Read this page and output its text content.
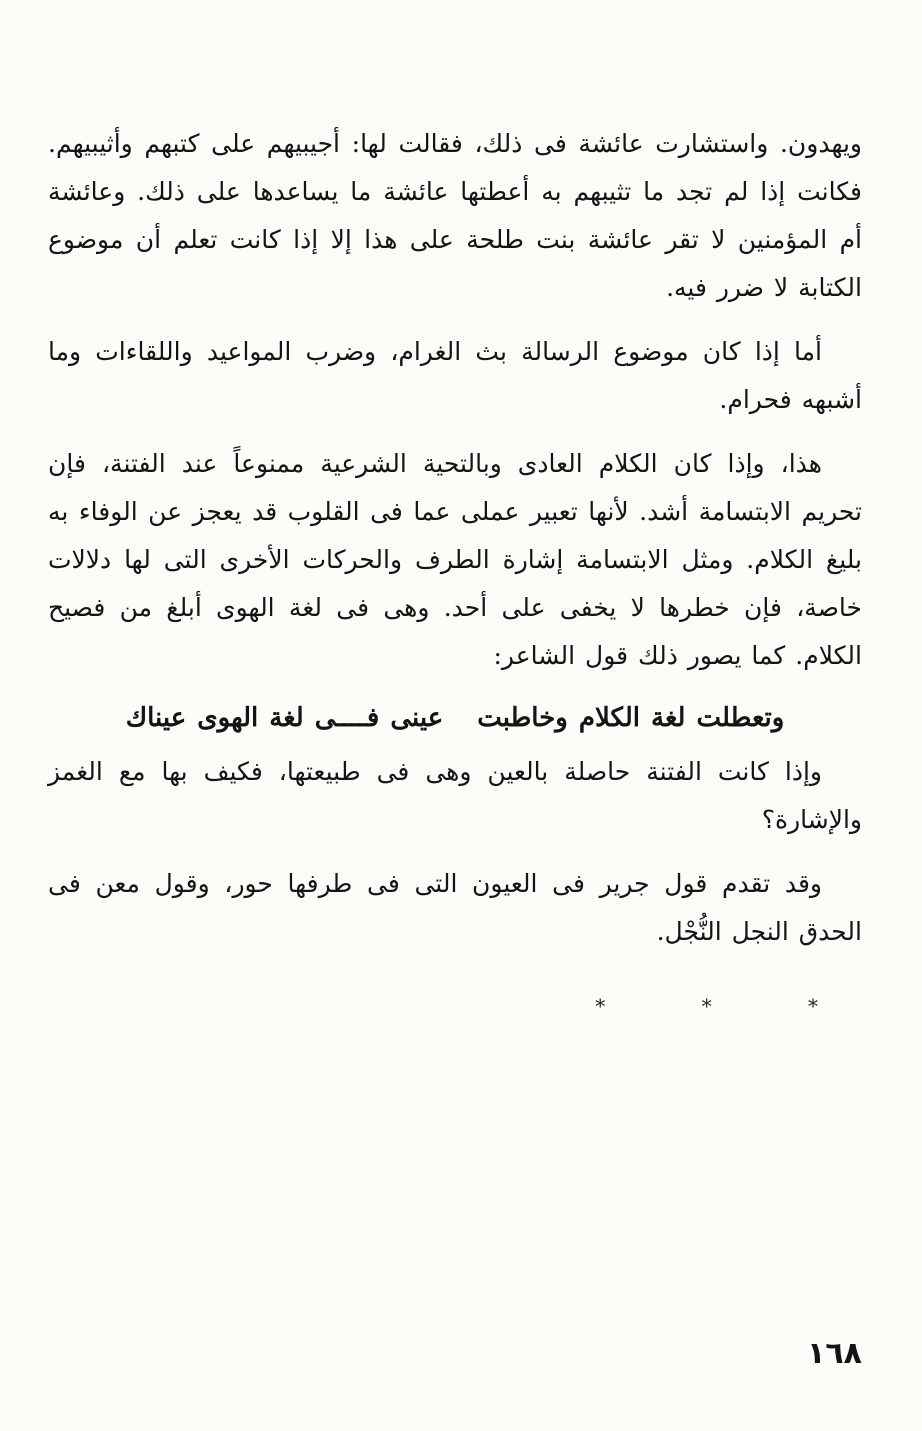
ويهدون. واستشارت عائشة فى ذلك، فقالت لها: أجيبيهم على كتبهم وأثيبيهم. فكانت إذا لم تجد ما تثيبهم به أعطتها عائشة ما يساعدها على ذلك. وعائشة أم المؤمنين لا تقر عائشة بنت طلحة على هذا إلا إذا كانت تعلم أن موضوع الكتابة لا ضرر فيه.

أما إذا كان موضوع الرسالة بث الغرام، وضرب المواعيد واللقاءات وما أشبهه فحرام.

هذا، وإذا كان الكلام العادى وبالتحية الشرعية ممنوعاً عند الفتنة، فإن تحريم الابتسامة أشد. لأنها تعبير عملى عما فى القلوب قد يعجز عن الوفاء به بليغ الكلام. ومثل الابتسامة إشارة الطرف والحركات الأخرى التى لها دلالات خاصة، فإن خطرها لا يخفى على أحد. وهى فى لغة الهوى أبلغ من فصيح الكلام. كما يصور ذلك قول الشاعر:

وتعطلت لغة الكلام وخاطبت
عينى فــــى لغة الهوى عيناك

وإذا كانت الفتنة حاصلة بالعين وهى فى طبيعتها، فكيف بها مع الغمز والإشارة؟

وقد تقدم قول جرير فى العيون التى فى طرفها حور، وقول معن فى الحدق النجل النُّجْل.

* * *
١٦٨
